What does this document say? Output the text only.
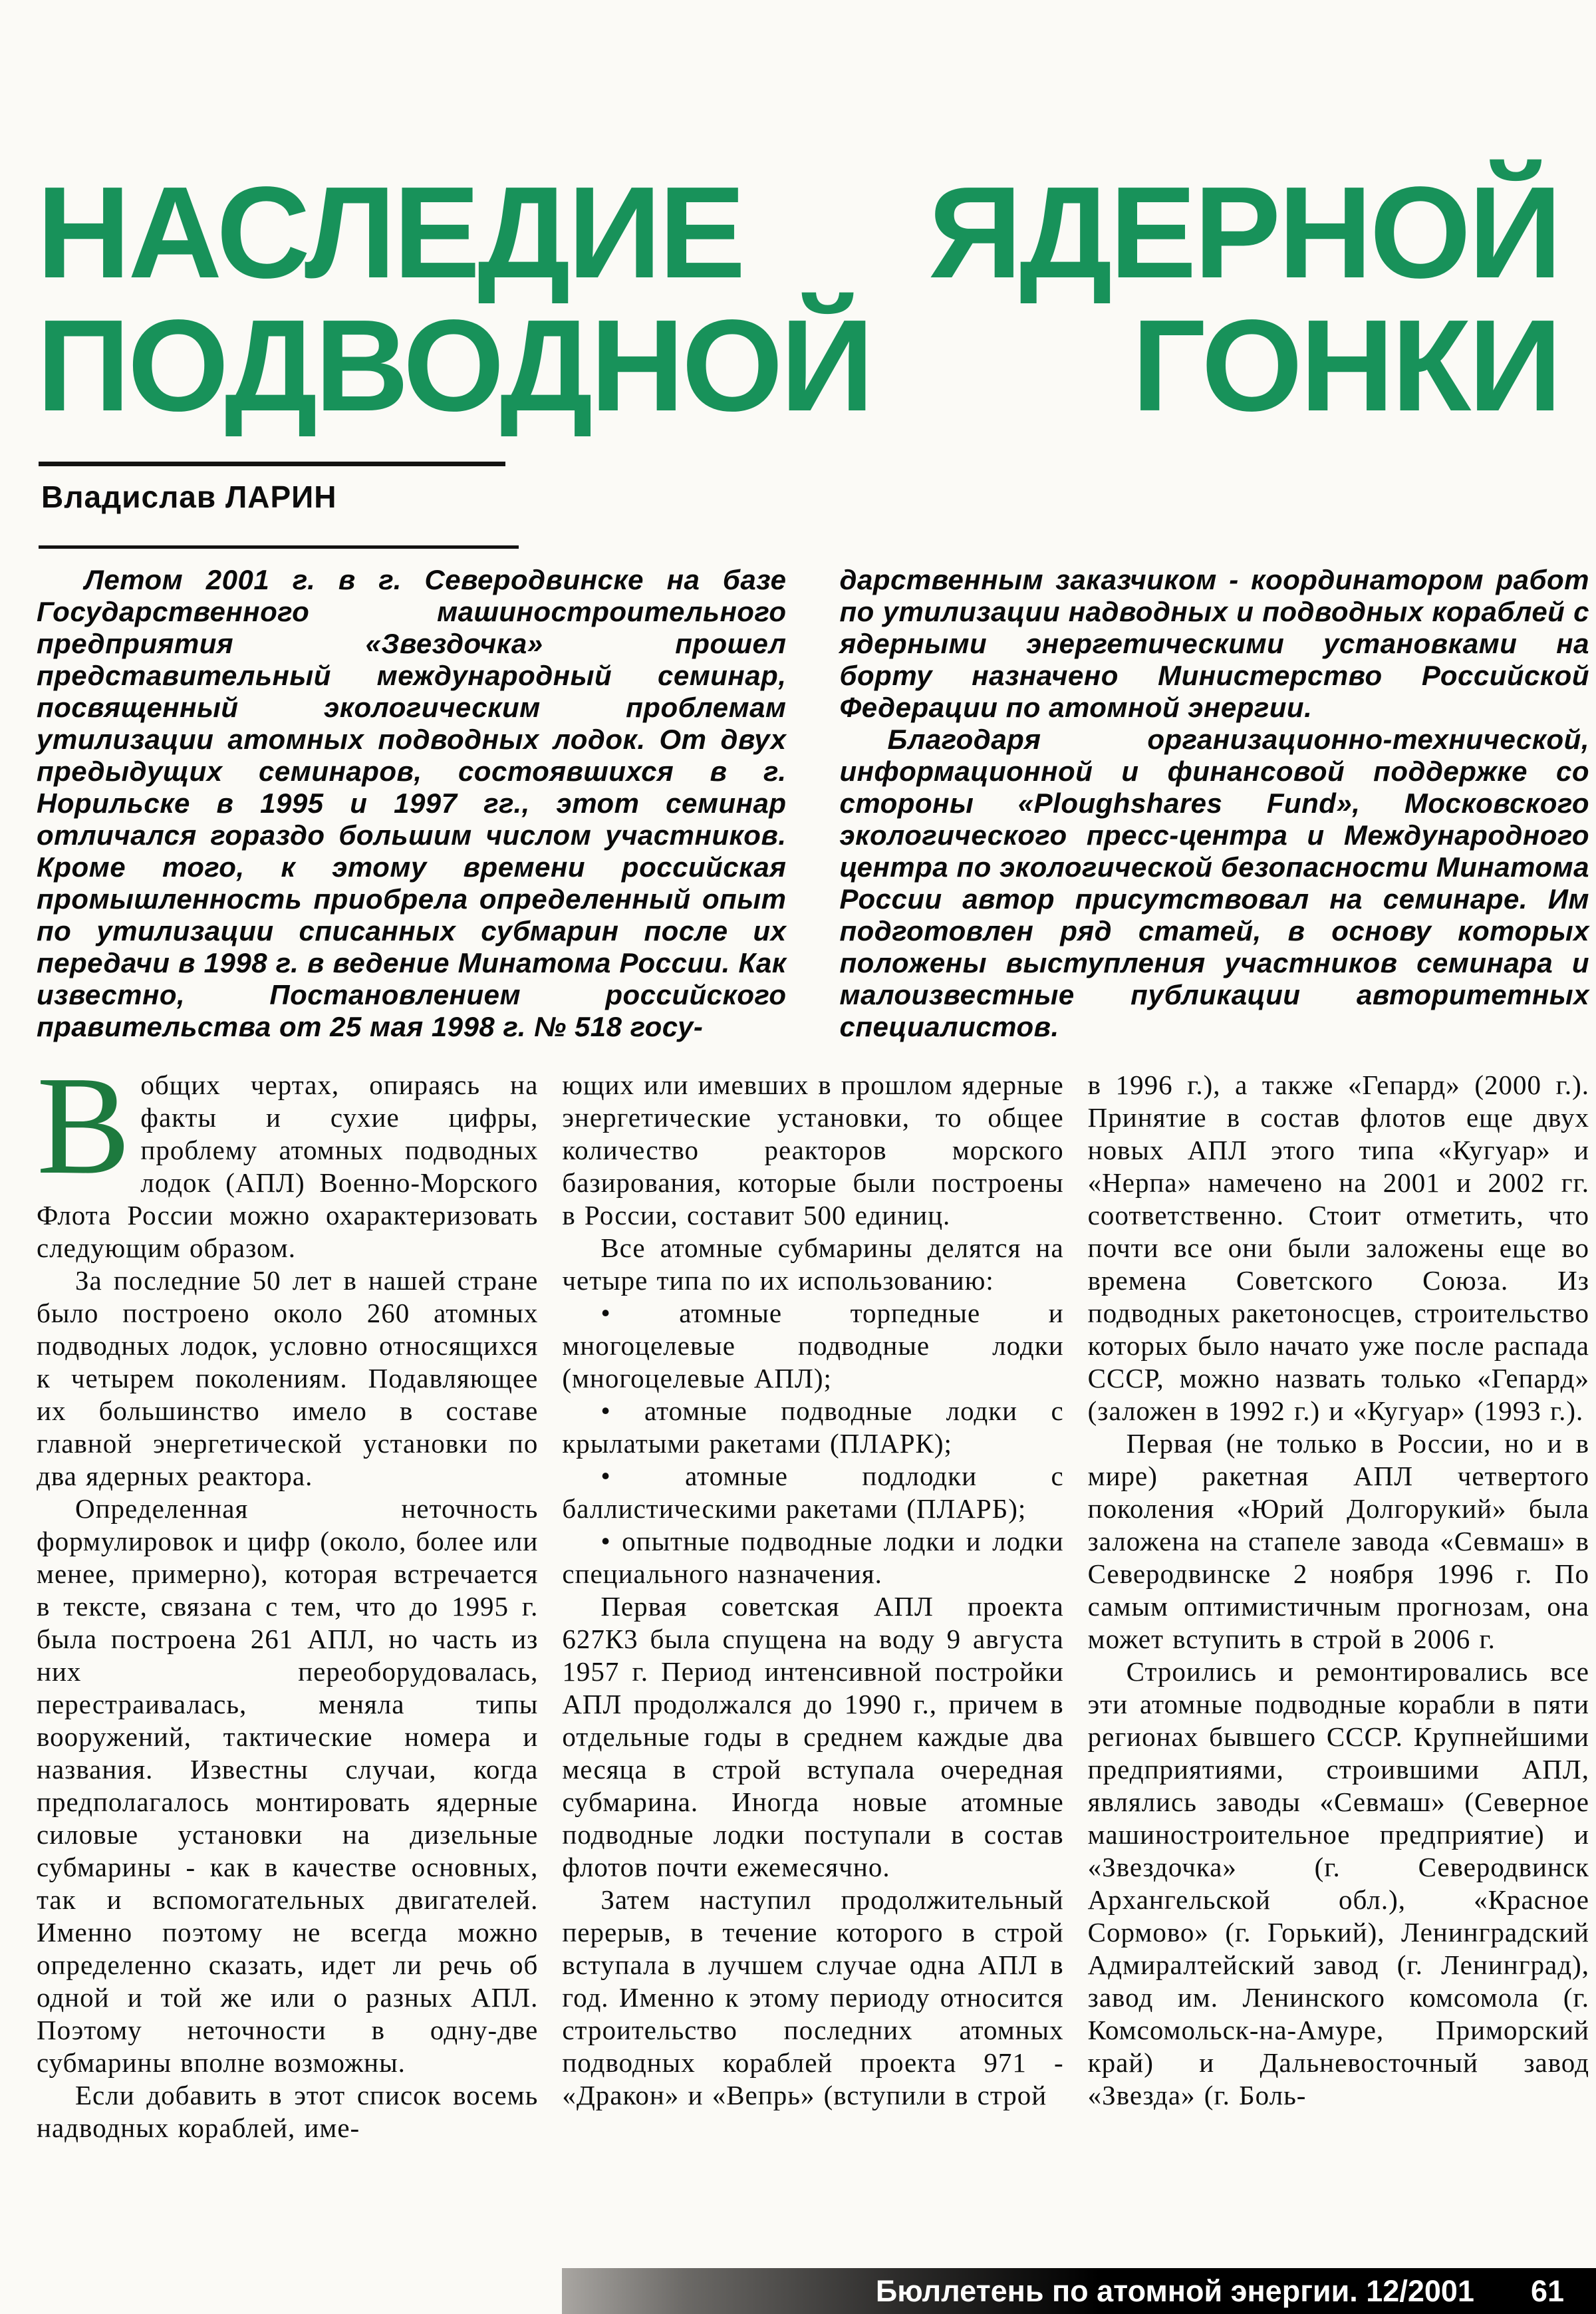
НАСЛЕДИЕ ЯДЕРНОЙ
ПОДВОДНОЙ ГОНКИ
Владислав ЛАРИН

Летом 2001 г. в г. Северодвинске на базе Государственного машиностроительного предприятия «Звездочка» прошел представительный международный семинар, посвященный экологическим проблемам утилизации атомных подводных лодок. От двух предыдущих семинаров, состоявшихся в г. Норильске в 1995 и 1997 гг., этот семинар отличался гораздо большим числом участников. Кроме того, к этому времени российская промышленность приобрела определенный опыт по утилизации списанных субмарин после их передачи в 1998 г. в ведение Минатома России. Как известно, Постановлением российского правительства от 25 мая 1998 г. № 518 госу-

дарственным заказчиком - координатором работ по утилизации надводных и подводных кораблей с ядерными энергетическими установками на борту назначено Министерство Российской Федерации по атомной энергии.

Благодаря организационно-технической, информационной и финансовой поддержке со стороны «Ploughshares Fund», Московского экологического пресс-центра и Международного центра по экологической безопасности Минатома России автор присутствовал на семинаре. Им подготовлен ряд статей, в основу которых положены выступления участников семинара и малоизвестные публикации авторитетных специалистов.

Вобщих чертах, опираясь на факты и сухие цифры, проблему атомных подводных лодок (АПЛ) Военно-Морского Флота России можно охарактеризовать следующим образом.

За последние 50 лет в нашей стране было построено около 260 атомных подводных лодок, условно относящихся к четырем поколениям. Подавляющее их большинство имело в составе главной энергетической установки по два ядерных реактора.

Определенная неточность формулировок и цифр (около, более или менее, примерно), которая встречается в тексте, связана с тем, что до 1995 г. была построена 261 АПЛ, но часть из них переоборудовалась, перестраивалась, меняла типы вооружений, тактические номера и названия. Известны случаи, когда предполагалось монтировать ядерные силовые установки на дизельные субмарины - как в качестве основных, так и вспомогательных двигателей. Именно поэтому не всегда можно определенно сказать, идет ли речь об одной и той же или о разных АПЛ. Поэтому неточности в одну-две субмарины вполне возможны.

Если добавить в этот список восемь надводных кораблей, име-

ющих или имевших в прошлом ядерные энергетические установки, то общее количество реакторов морского базирования, которые были построены в России, составит 500 единиц.

Все атомные субмарины делятся на четыре типа по их использованию:

• атомные торпедные и многоцелевые подводные лодки (многоцелевые АПЛ);

• атомные подводные лодки с крылатыми ракетами (ПЛАРК);

• атомные подлодки с баллистическими ракетами (ПЛАРБ);

• опытные подводные лодки и лодки специального назначения.

Первая советская АПЛ проекта 627К3 была спущена на воду 9 августа 1957 г. Период интенсивной постройки АПЛ продолжался до 1990 г., причем в отдельные годы в среднем каждые два месяца в строй вступала очередная субмарина. Иногда новые атомные подводные лодки поступали в состав флотов почти ежемесячно.

Затем наступил продолжительный перерыв, в течение которого в строй вступала в лучшем случае одна АПЛ в год. Именно к этому периоду относится строительство последних атомных подводных кораблей проекта 971 - «Дракон» и «Вепрь» (вступили в строй

в 1996 г.), а также «Гепард» (2000 г.). Принятие в состав флотов еще двух новых АПЛ этого типа «Кугуар» и «Нерпа» намечено на 2001 и 2002 гг. соответственно. Стоит отметить, что почти все они были заложены еще во времена Советского Союза. Из подводных ракетоносцев, строительство которых было начато уже после распада СССР, можно назвать только «Гепард» (заложен в 1992 г.) и «Кугуар» (1993 г.).

Первая (не только в России, но и в мире) ракетная АПЛ четвертого поколения «Юрий Долгорукий» была заложена на стапеле завода «Севмаш» в Северодвинске 2 ноября 1996 г. По самым оптимистичным прогнозам, она может вступить в строй в 2006 г.

Строились и ремонтировались все эти атомные подводные корабли в пяти регионах бывшего СССР. Крупнейшими предприятиями, строившими АПЛ, являлись заводы «Севмаш» (Северное машиностроительное предприятие) и «Звездочка» (г. Северодвинск Архангельской обл.), «Красное Сормово» (г. Горький), Ленинградский Адмиралтейский завод (г. Ленинград), завод им. Ленинского комсомола (г. Комсомольск-на-Амуре, Приморский край) и Дальневосточный завод «Звезда» (г. Боль-

Бюллетень по атомной энергии. 12/2001 61
